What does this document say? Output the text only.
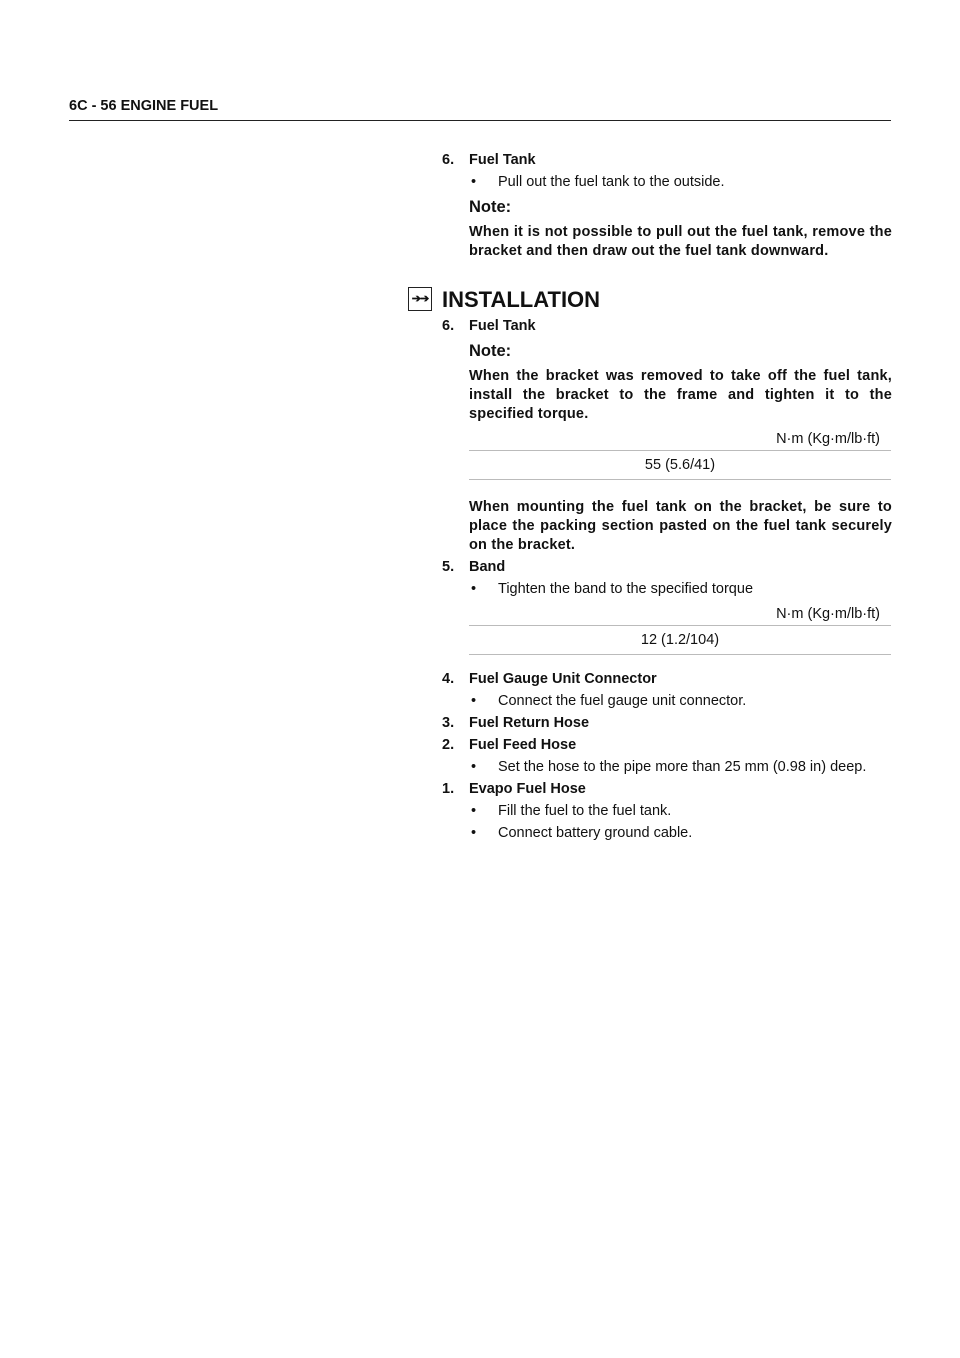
6C - 56 ENGINE FUEL
6.	Fuel Tank
•	Pull out the fuel tank to the outside.
Note:
When it is not possible to pull out the fuel tank, remove the bracket and then draw out the fuel tank downward.
➔➔ INSTALLATION
6.	Fuel Tank
Note:
When the bracket was removed to take off the fuel tank, install the bracket to the frame and tighten it to the specified torque.
N·m (Kg·m/lb·ft)
55 (5.6/41)
When mounting the fuel tank on the bracket, be sure to place the packing section pasted on the fuel tank securely on the bracket.
5.	Band
•	Tighten the band to the specified torque
N·m (Kg·m/lb·ft)
12 (1.2/104)
4.	Fuel Gauge Unit Connector
•	Connect the fuel gauge unit connector.
3.	Fuel Return Hose
2.	Fuel Feed Hose
•	Set the hose to the pipe more than 25 mm (0.98 in) deep.
1.	Evapo Fuel Hose
•	Fill the fuel to the fuel tank.
•	Connect battery ground cable.
